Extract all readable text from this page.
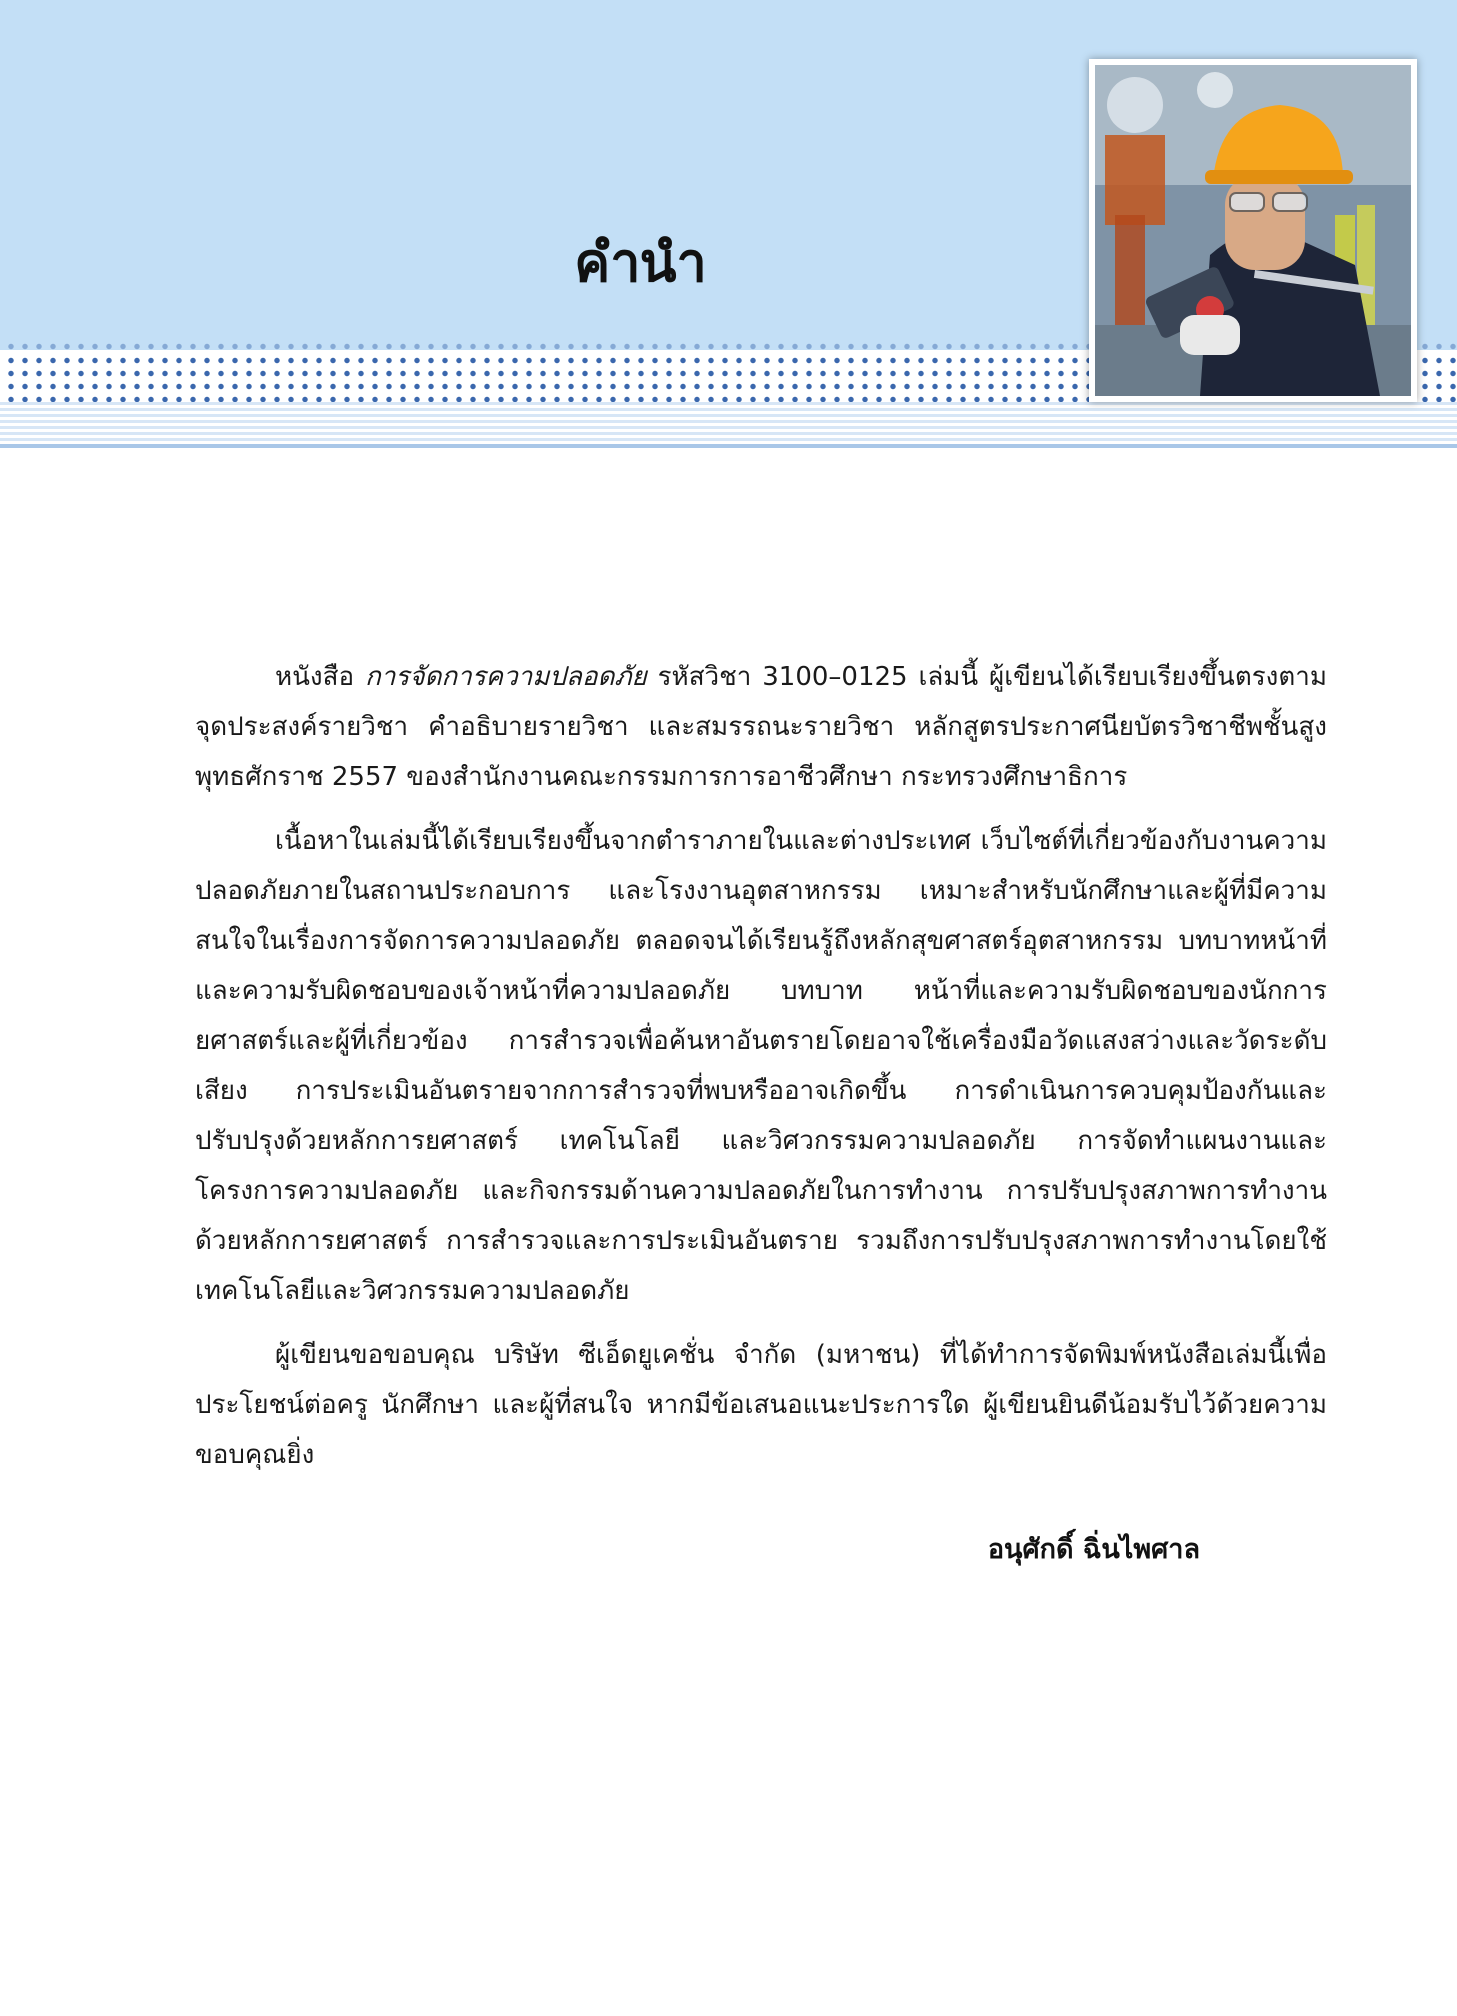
คำนำ

หนังสือ การจัดการความปลอดภัย รหัสวิชา 3100–0125 เล่มนี้ ผู้เขียนได้เรียบเรียงขึ้นตรงตามจุดประสงค์รายวิชา คำอธิบายรายวิชา และสมรรถนะรายวิชา หลักสูตรประกาศนียบัตรวิชาชีพชั้นสูง พุทธศักราช 2557 ของสำนักงานคณะกรรมการการอาชีวศึกษา กระทรวงศึกษาธิการ

เนื้อหาในเล่มนี้ได้เรียบเรียงขึ้นจากตำราภายในและต่างประเทศ เว็บไซต์ที่เกี่ยวข้องกับงานความปลอดภัยภายในสถานประกอบการ และโรงงานอุตสาหกรรม เหมาะสำหรับนักศึกษาและผู้ที่มีความสนใจในเรื่องการจัดการความปลอดภัย ตลอดจนได้เรียนรู้ถึงหลักสุขศาสตร์อุตสาหกรรม บทบาทหน้าที่และความรับผิดชอบของเจ้าหน้าที่ความปลอดภัย บทบาท หน้าที่และความรับผิดชอบของนักการยศาสตร์และผู้ที่เกี่ยวข้อง การสำรวจเพื่อค้นหาอันตรายโดยอาจใช้เครื่องมือวัดแสงสว่างและวัดระดับเสียง การประเมินอันตรายจากการสำรวจที่พบหรืออาจเกิดขึ้น การดำเนินการควบคุมป้องกันและปรับปรุงด้วยหลักการยศาสตร์ เทคโนโลยี และวิศวกรรมความปลอดภัย การจัดทำแผนงานและโครงการความปลอดภัย และกิจกรรมด้านความปลอดภัยในการทำงาน การปรับปรุงสภาพการทำงานด้วยหลักการยศาสตร์ การสำรวจและการประเมินอันตราย รวมถึงการปรับปรุงสภาพการทำงานโดยใช้เทคโนโลยีและวิศวกรรมความปลอดภัย

ผู้เขียนขอขอบคุณ บริษัท ซีเอ็ดยูเคชั่น จำกัด (มหาชน) ที่ได้ทำการจัดพิมพ์หนังสือเล่มนี้เพื่อประโยชน์ต่อครู นักศึกษา และผู้ที่สนใจ หากมีข้อเสนอแนะประการใด ผู้เขียนยินดีน้อมรับไว้ด้วยความขอบคุณยิ่ง

อนุศักดิ์ ฉิ่นไพศาล
